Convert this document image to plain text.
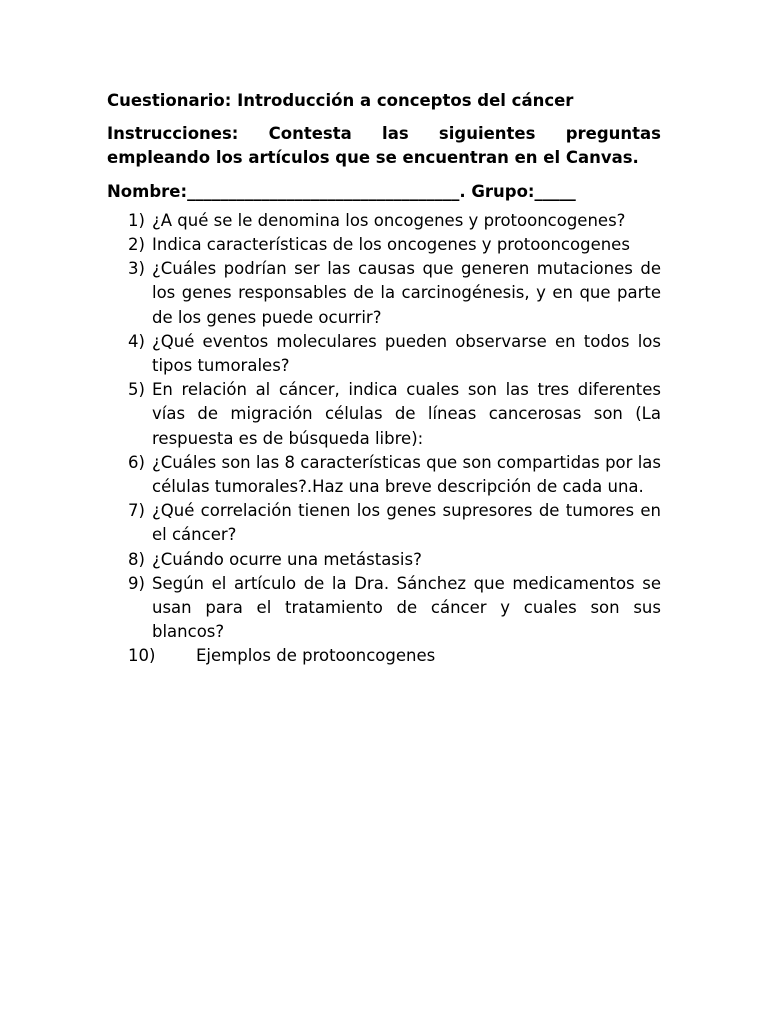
Cuestionario: Introducción a conceptos del cáncer
Instrucciones: Contesta las siguientes preguntas empleando los artículos que se encuentran en el Canvas.
Nombre:_________________________________. Grupo:_____
1) ¿A qué se le denomina los oncogenes y protooncogenes?
2) Indica características de los oncogenes y protooncogenes
3) ¿Cuáles podrían ser las causas que generen mutaciones de los genes responsables de la carcinogénesis, y en que parte de los genes puede ocurrir?
4) ¿Qué eventos moleculares pueden observarse en todos los tipos tumorales?
5) En relación al cáncer, indica cuales son las tres diferentes vías de migración células de líneas cancerosas son (La respuesta es de búsqueda libre):
6) ¿Cuáles son las 8 características que son compartidas por las células tumorales?.Haz una breve descripción de cada una.
7) ¿Qué correlación tienen los genes supresores de tumores en el cáncer?
8) ¿Cuándo ocurre una metástasis?
9) Según el artículo de la Dra. Sánchez que medicamentos se usan para el tratamiento de cáncer y cuales son sus blancos?
10) Ejemplos de protooncogenes
